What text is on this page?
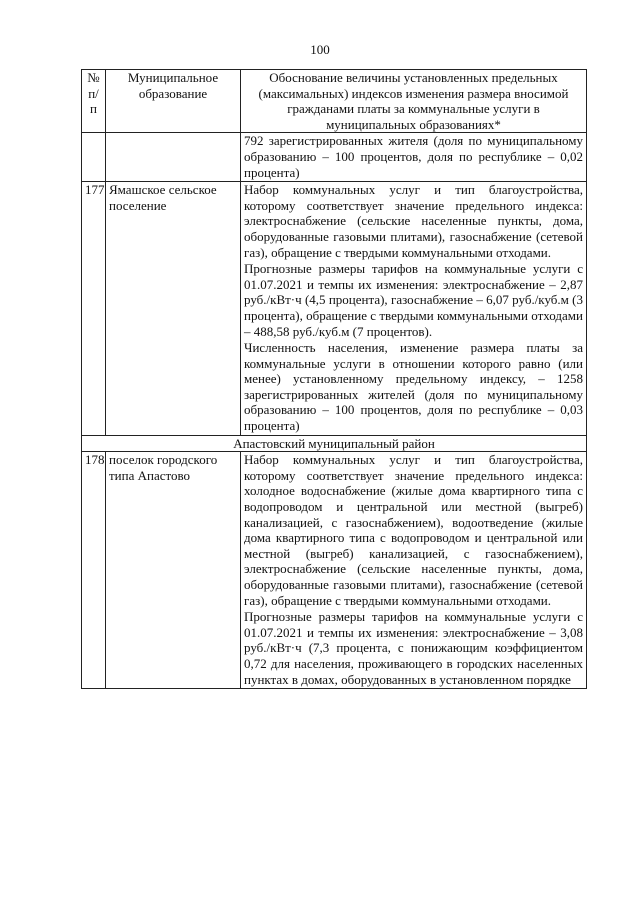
100
№ п/п	Муниципальное образование	Обоснование величины установленных предельных (максимальных) индексов изменения размера вносимой гражданами платы за коммунальные услуги в муниципальных образованиях*

		792 зарегистрированных жителя (доля по муниципальному образованию – 100 процентов, доля по республике – 0,02 процента)

177	Ямашское сельское поселение	Набор коммунальных услуг и тип благоустройства, которому соответствует значение предельного индекса: электроснабжение (сельские населенные пункты, дома, оборудованные газовыми плитами), газоснабжение (сетевой газ), обращение с твердыми коммунальными отходами.

Прогнозные размеры тарифов на коммунальные услуги с 01.07.2021 и темпы их изменения: электроснабжение – 2,87 руб./кВт·ч (4,5 процента), газоснабжение – 6,07 руб./куб.м (3 процента), обращение с твердыми коммунальными отходами – 488,58 руб./куб.м (7 процентов).

Численность населения, изменение размера платы за коммунальные услуги в отношении которого равно (или менее) установленному предельному индексу, – 1258 зарегистрированных жителей (доля по муниципальному образованию – 100 процентов, доля по республике – 0,03 процента)

Апастовский муниципальный район		
178	поселок городского типа Апастово	Набор коммунальных услуг и тип благоустройства, которому соответствует значение предельного индекса: холодное водоснабжение (жилые дома квартирного типа с водопроводом и центральной или местной (выгреб) канализацией, с газоснабжением), водоотведение (жилые дома квартирного типа с водопроводом и центральной или местной (выгреб) канализацией, с газоснабжением), электроснабжение (сельские населенные пункты, дома, оборудованные газовыми плитами), газоснабжение (сетевой газ), обращение с твердыми коммунальными отходами.

Прогнозные размеры тарифов на коммунальные услуги с 01.07.2021 и темпы их изменения: электроснабжение – 3,08 руб./кВт·ч (7,3 процента, с понижающим коэффициентом 0,72 для населения, проживающего в городских населенных пунктах в домах, оборудованных в установленном порядке
